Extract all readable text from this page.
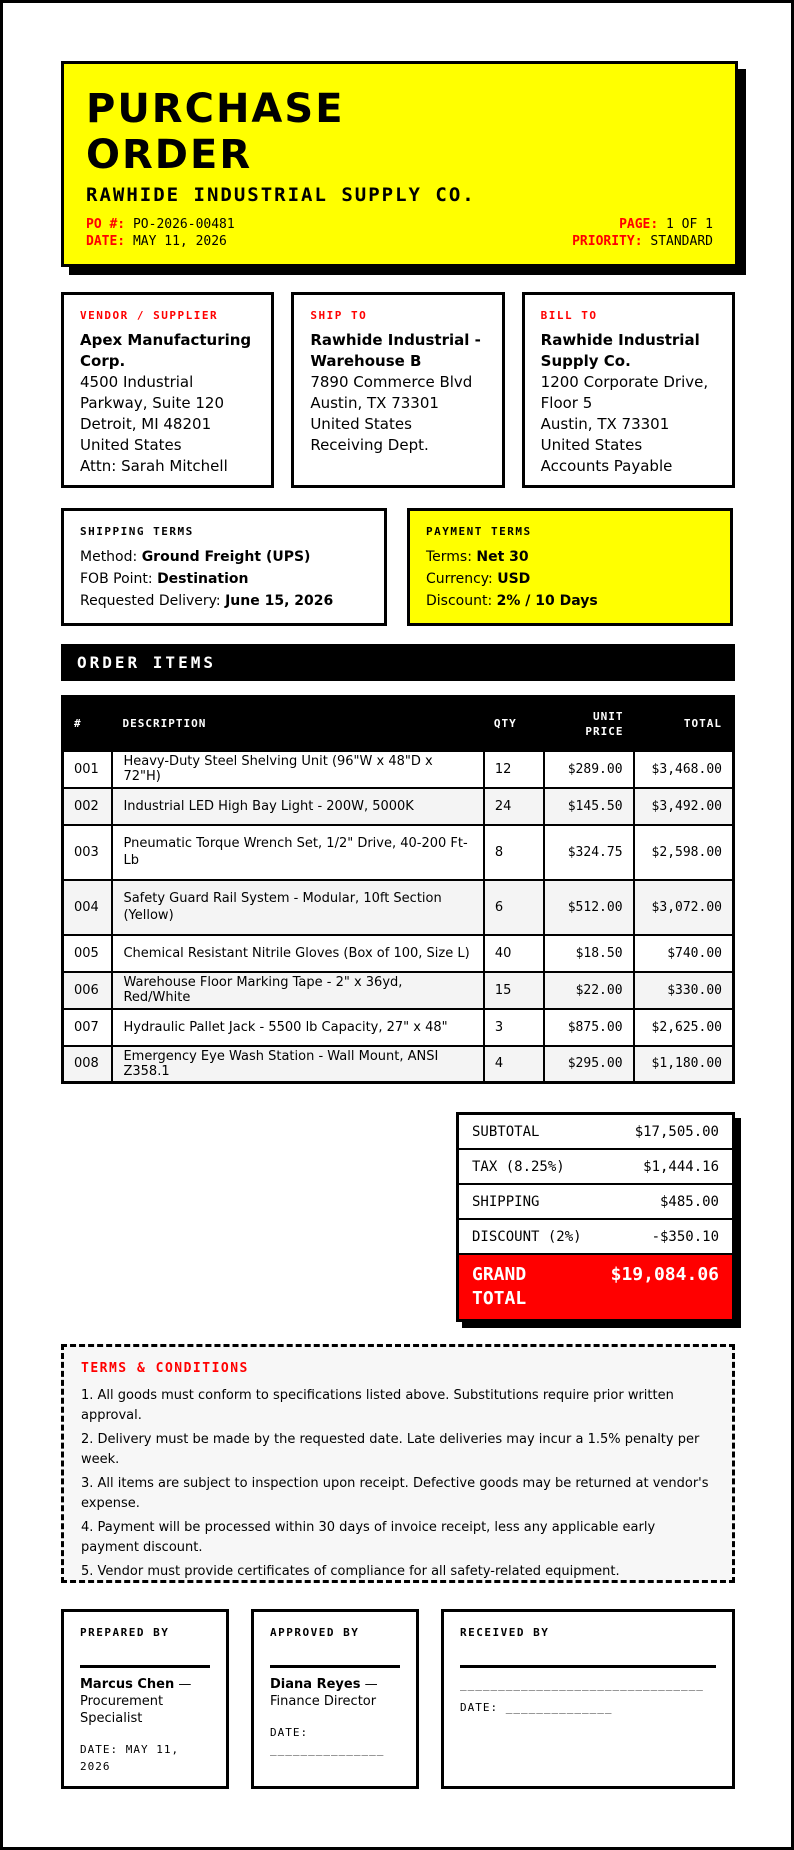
PURCHASE
ORDER
RAWHIDE INDUSTRIAL SUPPLY CO.
PO #: PO-2026-00481
DATE: MAY 11, 2026
PAGE: 1 OF 1
PRIORITY: STANDARD
VENDOR / SUPPLIER
Apex Manufacturing Corp.
4500 Industrial Parkway, Suite 120
Detroit, MI 48201
United States
Attn: Sarah Mitchell
SHIP TO
Rawhide Industrial - Warehouse B
7890 Commerce Blvd
Austin, TX 73301
United States
Receiving Dept.
BILL TO
Rawhide Industrial Supply Co.
1200 Corporate Drive, Floor 5
Austin, TX 73301
United States
Accounts Payable
SHIPPING TERMS
Method: Ground Freight (UPS)
FOB Point: Destination
Requested Delivery: June 15, 2026
PAYMENT TERMS
Terms: Net 30
Currency: USD
Discount: 2% / 10 Days
ORDER ITEMS
#	DESCRIPTION	QTY	UNIT PRICE	TOTAL
001	Heavy-Duty Steel Shelving Unit (96"W x 48"D x 72"H)	12	$289.00	$3,468.00
002	Industrial LED High Bay Light - 200W, 5000K	24	$145.50	$3,492.00
003	Pneumatic Torque Wrench Set, 1/2" Drive, 40-200 Ft-Lb	8	$324.75	$2,598.00
004	Safety Guard Rail System - Modular, 10ft Section (Yellow)	6	$512.00	$3,072.00
005	Chemical Resistant Nitrile Gloves (Box of 100, Size L)	40	$18.50	$740.00
006	Warehouse Floor Marking Tape - 2" x 36yd, Red/White	15	$22.00	$330.00
007	Hydraulic Pallet Jack - 5500 lb Capacity, 27" x 48"	3	$875.00	$2,625.00
008	Emergency Eye Wash Station - Wall Mount, ANSI Z358.1	4	$295.00	$1,180.00
SUBTOTAL	$17,505.00
TAX (8.25%)	$1,444.16
SHIPPING	$485.00
DISCOUNT (2%)	-$350.10
GRAND TOTAL
$19,084.06
TERMS & CONDITIONS

1. All goods must conform to specifications listed above. Substitutions require prior written approval.

2. Delivery must be made by the requested date. Late deliveries may incur a 1.5% penalty per week.

3. All items are subject to inspection upon receipt. Defective goods may be returned at vendor's expense.

4. Payment will be processed within 30 days of invoice receipt, less any applicable early payment discount.

5. Vendor must provide certificates of compliance for all safety-related equipment.

PREPARED BY
Marcus Chen —
Procurement Specialist
DATE: MAY 11, 2026
APPROVED BY
Diana Reyes —
Finance Director
DATE:
_______________
RECEIVED BY
________________________________
DATE: ______________
